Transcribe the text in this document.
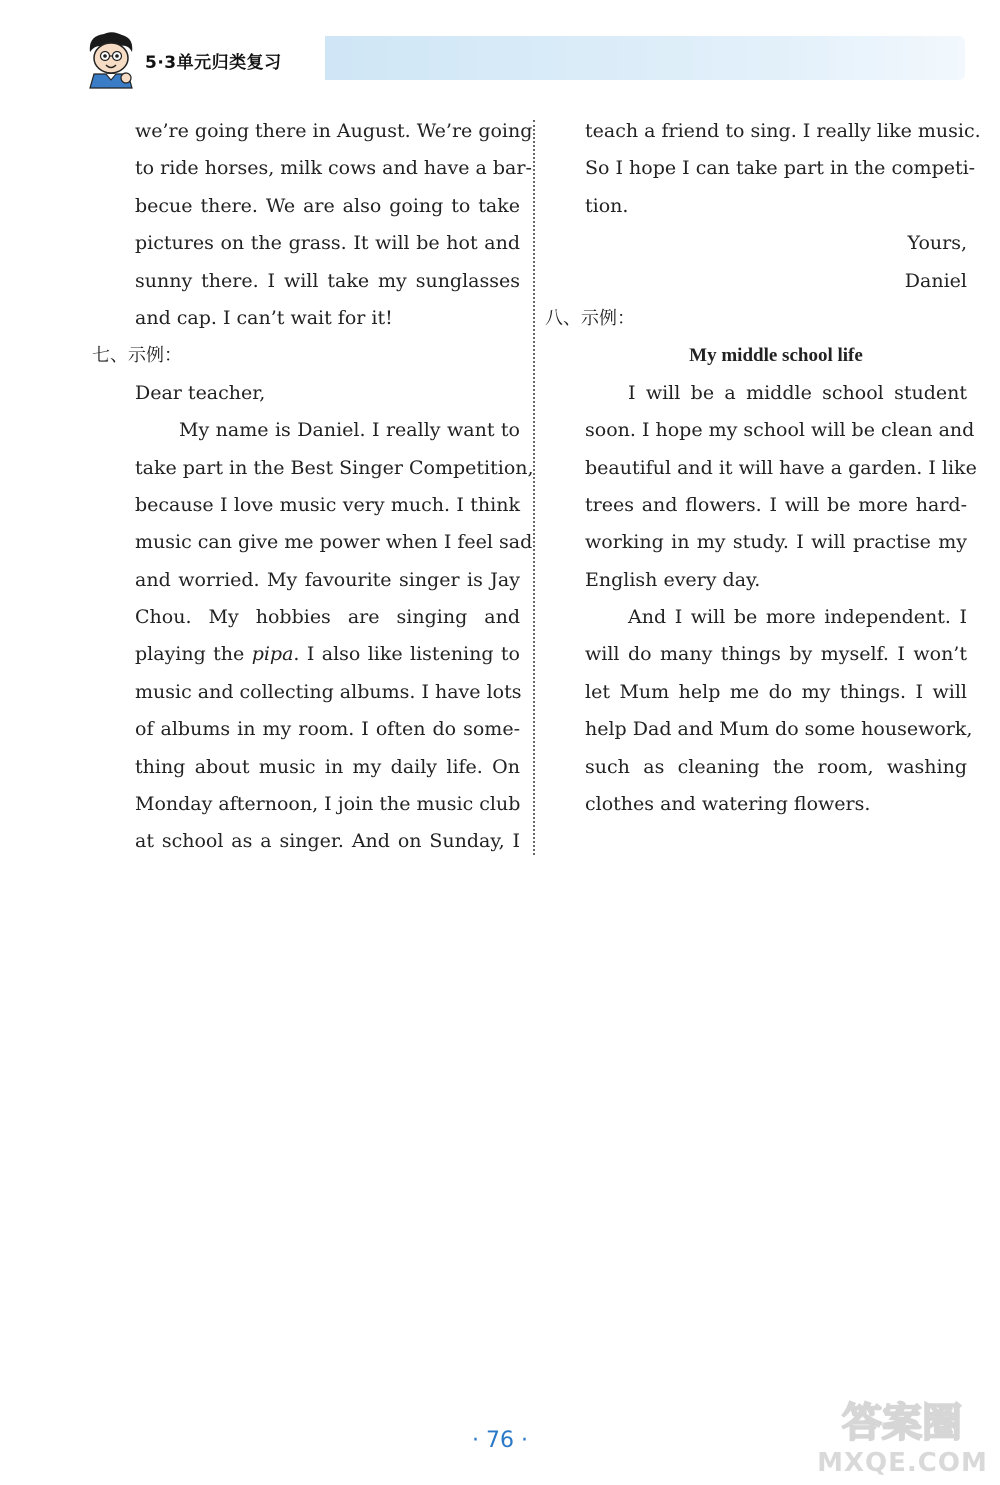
5·3单元归类复习
we’re going there in August. We’re going
to ride horses, milk cows and have a bar-
becue there. We are also going to take
pictures on the grass. It will be hot and
sunny there. I will take my sunglasses
and cap. I can’t wait for it!
七、示例：
Dear teacher,
My name is Daniel. I really want to
take part in the Best Singer Competition,
because I love music very much. I think
music can give me power when I feel sad
and worried. My favourite singer is Jay
Chou. My hobbies are singing and
playing the pipa. I also like listening to
music and collecting albums. I have lots
of albums in my room. I often do some-
thing about music in my daily life. On
Monday afternoon, I join the music club
at school as a singer. And on Sunday, I
teach a friend to sing. I really like music.
So I hope I can take part in the competi-
tion.
Yours,
Daniel
八、示例：
My middle school life
I will be a middle school student
soon. I hope my school will be clean and
beautiful and it will have a garden. I like
trees and flowers. I will be more hard-
working in my study. I will practise my
English every day.
And I will be more independent. I
will do many things by myself. I won’t
let Mum help me do my things. I will
help Dad and Mum do some housework,
such as cleaning the room, washing
clothes and watering flowers.
· 76 ·	答案圈
MXQE.COM
